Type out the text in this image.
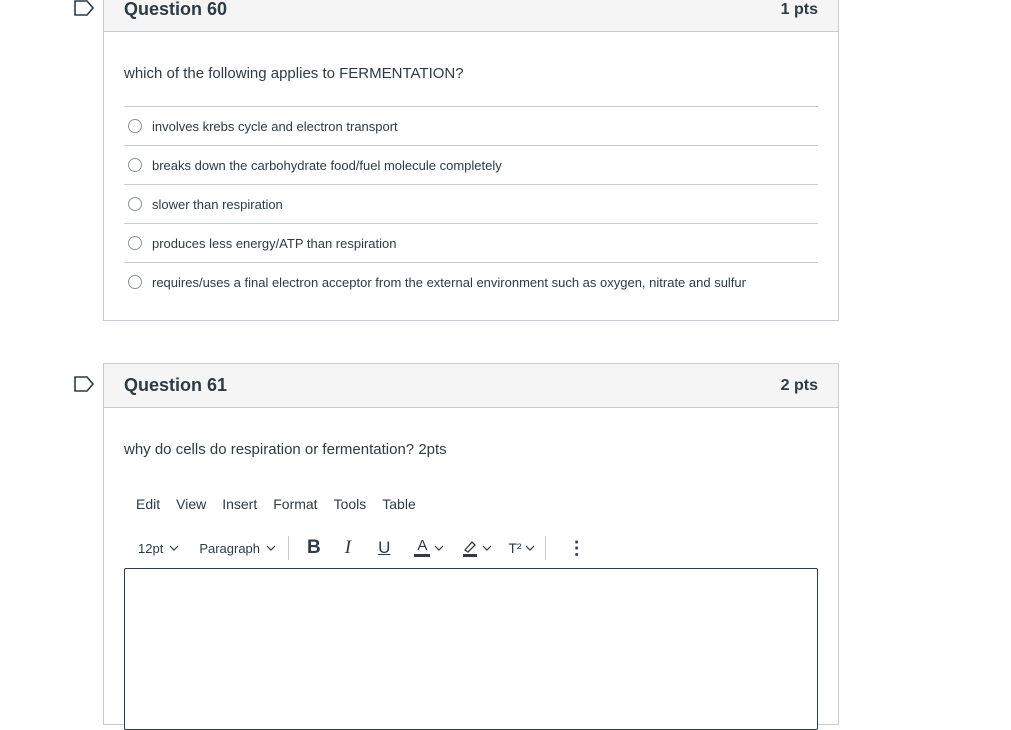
Question 60	1 pts
which of the following applies to FERMENTATION?
involves krebs cycle and electron transport
breaks down the carbohydrate food/fuel molecule completely
slower than respiration
produces less energy/ATP than respiration
requires/uses a final electron acceptor from the external environment such as oxygen, nitrate and sulfur
Question 61	2 pts
why do cells do respiration or fermentation? 2pts
Edit View Insert Format Tools Table
12pt	Paragraph B I U A	T²	⋮
